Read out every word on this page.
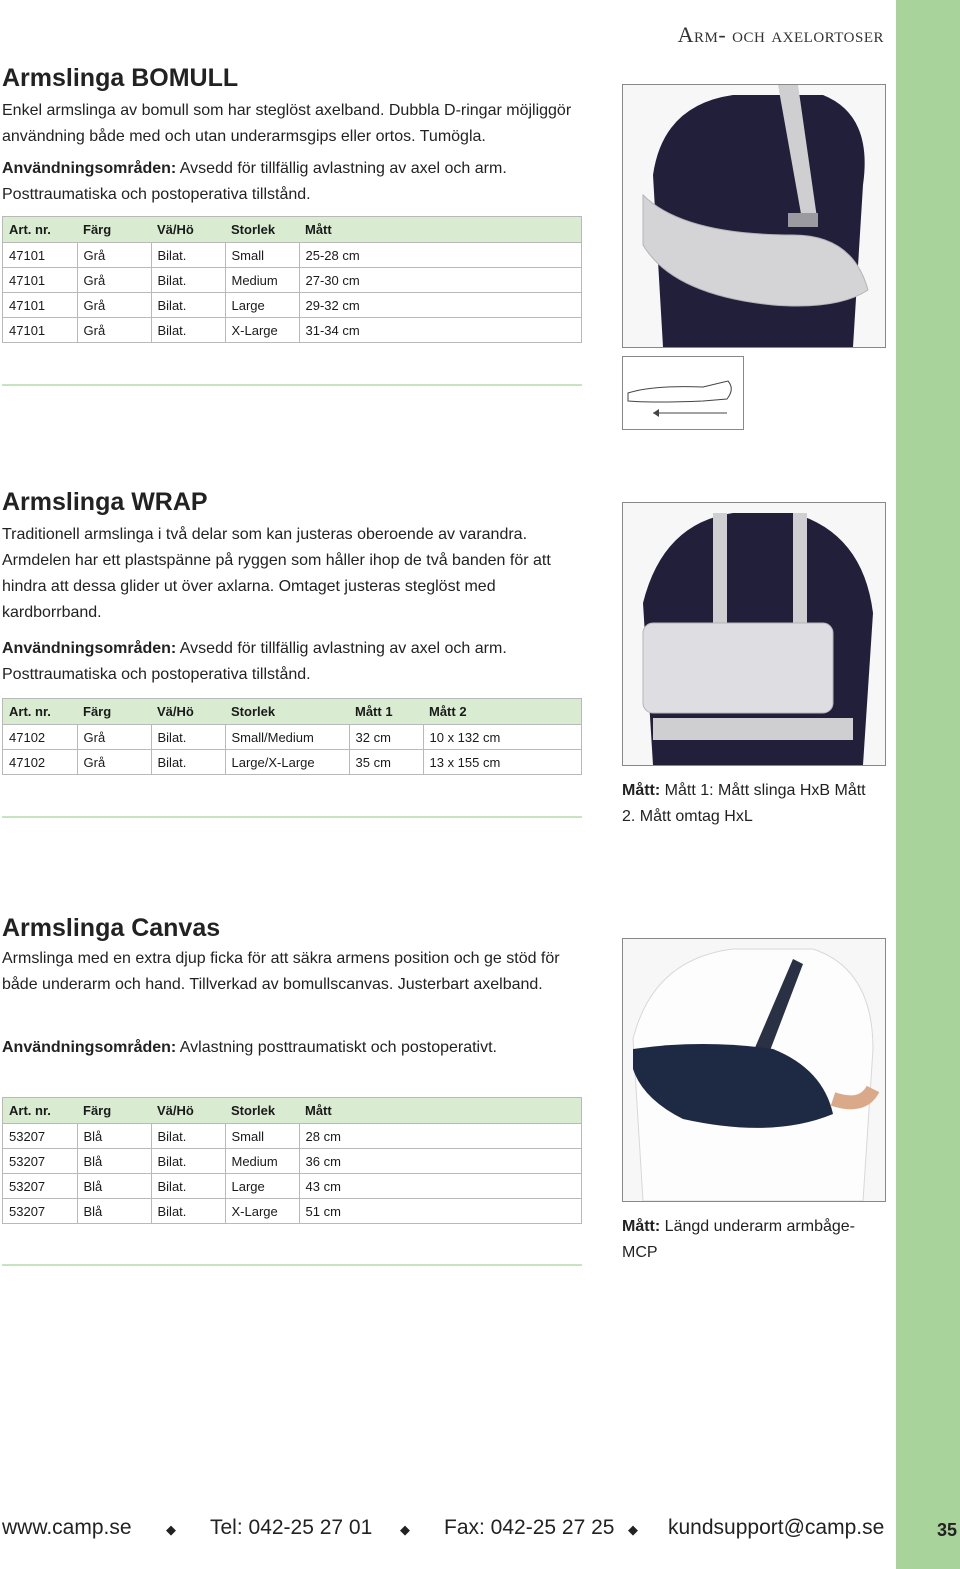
Arm- och axelortoser
Armslinga BOMULL

Enkel armslinga av bomull som har steglöst axelband. Dubbla D-ringar möjliggör användning både med och utan underarmsgips eller ortos. Tumögla.

Användningsområden: Avsedd för tillfällig avlastning av axel och arm. Posttraumatiska och postoperativa tillstånd.

Art. nr.	Färg	Vä/Hö	Storlek	Mått
47101	Grå	Bilat.	Small	25-28 cm
47101	Grå	Bilat.	Medium	27-30 cm
47101	Grå	Bilat.	Large	29-32 cm
47101	Grå	Bilat.	X-Large	31-34 cm
Armslinga WRAP

Traditionell armslinga i två delar som kan justeras oberoende av varandra. Armdelen har ett plastspänne på ryggen som håller ihop de två banden för att hindra att dessa glider ut över axlarna. Omtaget justeras steglöst med kardborrband.

Användningsområden: Avsedd för tillfällig avlastning av axel och arm. Posttraumatiska och postoperativa tillstånd.

Art. nr.	Färg	Vä/Hö	Storlek	Mått 1	Mått 2
47102	Grå	Bilat.	Small/Medium	32 cm	10 x 132 cm
47102	Grå	Bilat.	Large/X-Large	35 cm	13 x 155 cm
Mått: Mått 1: Mått slinga HxB Mått 2. Mått omtag HxL
Armslinga Canvas

Armslinga med en extra djup ficka för att säkra armens position och ge stöd för både underarm och hand. Tillverkad av bomullscanvas. Justerbart axelband.

Användningsområden: Avlastning posttraumatiskt och postoperativt.

Art. nr.	Färg	Vä/Hö	Storlek	Mått
53207	Blå	Bilat.	Small	28 cm
53207	Blå	Bilat.	Medium	36 cm
53207	Blå	Bilat.	Large	43 cm
53207	Blå	Bilat.	X-Large	51 cm
Mått: Längd underarm armbåge-MCP
www.camp.se	◆ Tel: 042-25 27 01 ◆ Fax: 042-25 27 25 ◆ kundsupport@camp.se	35
